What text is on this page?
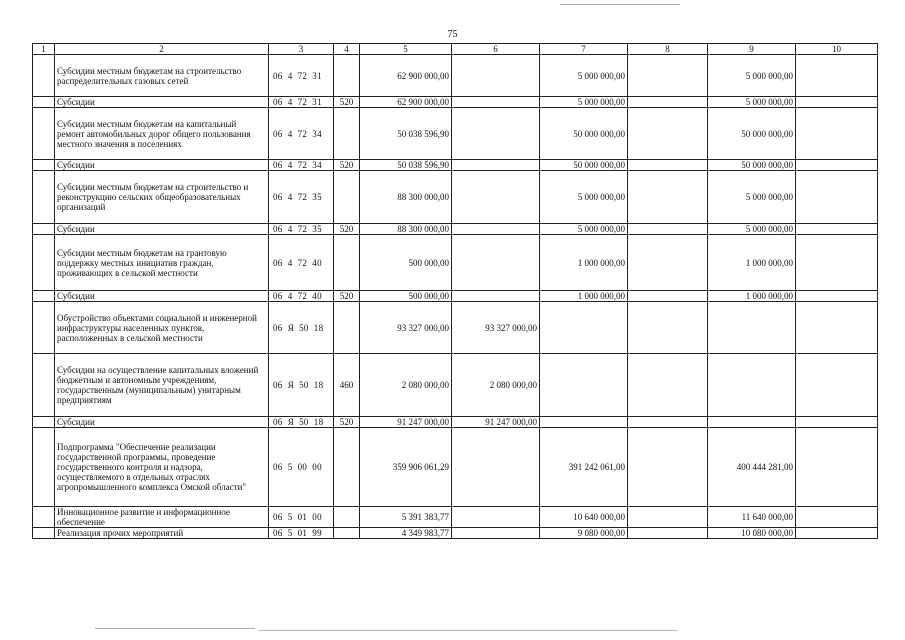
75
1	2	3	4	5	6	7	8	9	10
	Субсидии местным бюджетам на строительство распределительных газовых сетей	06  4  72  31		62 900 000,00		5 000 000,00		5 000 000,00	
	Субсидии	06  4  72  31	520	62 900 000,00		5 000 000,00		5 000 000,00	
	Субсидии местным бюджетам на капитальный ремонт автомобильных дорог общего пользования местного значения в поселениях	06  4  72  34		50 038 596,90		50 000 000,00		50 000 000,00	
	Субсидии	06  4  72  34	520	50 038 596,90		50 000 000,00		50 000 000,00	
	Субсидии местным бюджетам на строительство и реконструкцию сельских общеобразовательных организаций	06  4  72  35		88 300 000,00		5 000 000,00		5 000 000,00	
	Субсидии	06  4  72  35	520	88 300 000,00		5 000 000,00		5 000 000,00	
	Субсидии местным бюджетам на грантовую поддержку местных инициатив граждан, проживающих в сельской местности	06  4  72  40		500 000,00		1 000 000,00		1 000 000,00	
	Субсидии	06  4  72  40	520	500 000,00		1 000 000,00		1 000 000,00	
	Обустройство объектами социальной и инженерной инфраструктуры населенных пунктов, расположенных в сельской местности	06  Я  50  18		93 327 000,00	93 327 000,00				
	Субсидии на осуществление капитальных вложений бюджетным и автономным учреждениям, государственным (муниципальным) унитарным предприятиям	06  Я  50  18	460	2 080 000,00	2 080 000,00				
	Субсидии	06  Я  50  18	520	91 247 000,00	91 247 000,00				
	Подпрограмма "Обеспечение реализации государственной программы, проведение государственного контроля и надзора, осуществляемого в отдельных отраслях агропромышленного комплекса Омской области"	06  5  00  00		359 906 061,29		391 242 061,00		400 444 281,00	
	Инновационное развитие и информационное обеспечение	06  5  01  00		5 391 383,77		10 640 000,00		11 640 000,00	
	Реализация прочих мероприятий	06  5  01  99		4 349 983,77		9 080 000,00		10 080 000,00	
